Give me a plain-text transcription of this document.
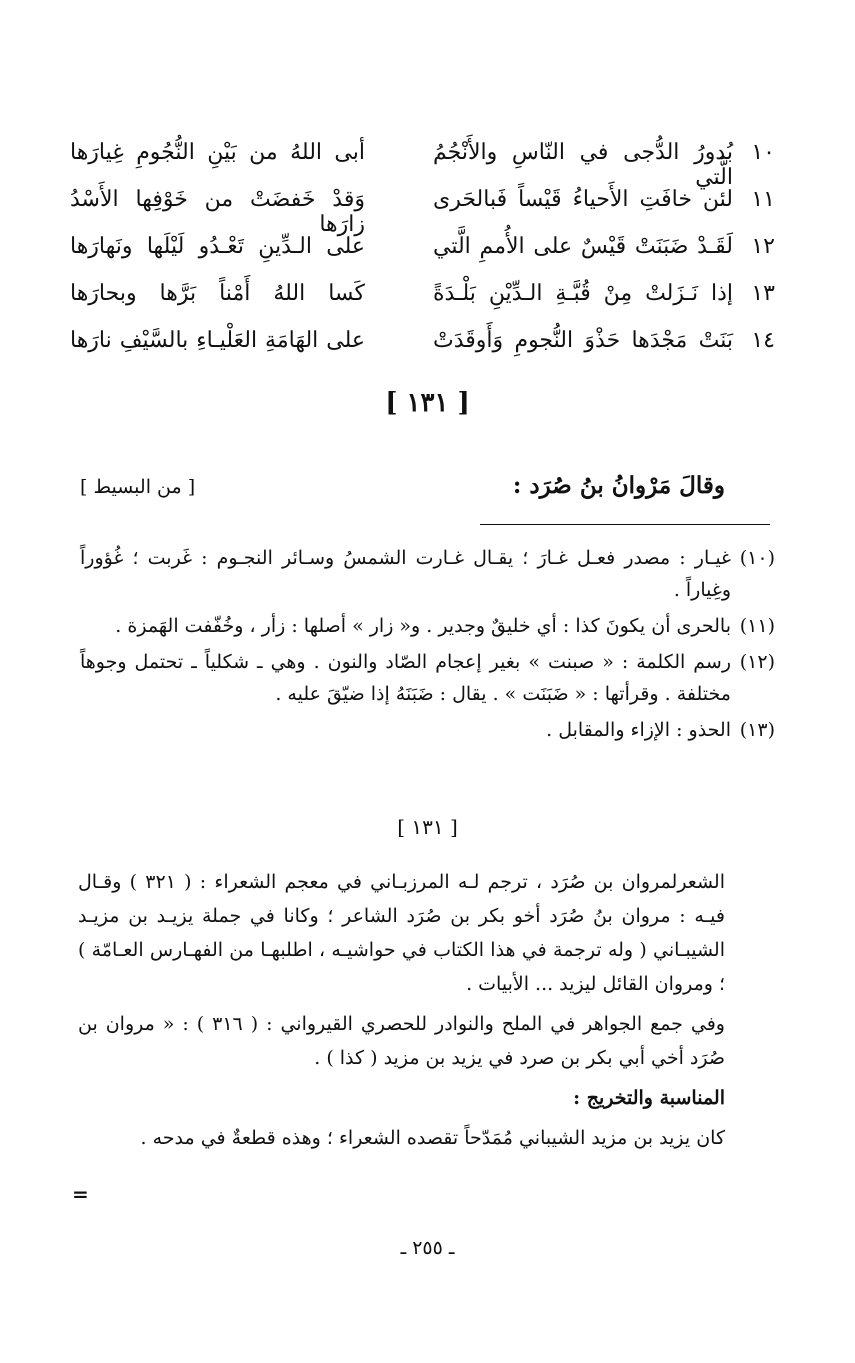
١٠
بُدورُ الدُّجى في النّاسِ والأَنْجُمُ الَّتي
أبى اللهُ من بَيْنِ النُّجُومِ غِيارَها
١١
لئن خافَتِ الأَحياءُ قَيْساً فَبالحَرى
وَقدْ خَفضَتْ من خَوْفِها الأَسْدُ زارَها
١٢
لَقَـدْ ضَبَنَتْ قَيْسٌ على الأُممِ الَّتي
على الـدِّينِ تَعْـدُو لَيْلَها ونَهارَها
١٣
إذا نَـزَلتْ مِنْ قُبَّـةِ الـدِّيْنِ بَلْـدَةً
كَسا اللهُ أَمْناً بَرَّها وبحارَها
١٤
بَنَتْ مَجْدَها حَذْوَ النُّجومِ وَأَوقَدَتْ
على الهَامَةِ العَلْيـاءِ بالسَّيْفِ نارَها
[ ١٣١ ]
وقالَ مَرْوانُ بنُ صُرَد :
[ من البسيط ]
(١٠)
غيـار : مصدر فعـل غـارَ ؛ يقـال غـارت الشمسُ وسـائر النجـوم : غَربت ؛ غُؤوراً وغِياراً .
(١١)
بالحرى أن يكونَ كذا : أي خليقٌ وجدير . و« زار » أصلها : زأر ، وخُفّفت الهَمزة .
(١٢)
رسم الكلمة : « صبنت » بغير إعجام الصّاد والنون . وهي ـ شكلياً ـ تحتمل وجوهاً مختلفة . وقرأتها : « ضَبَنَت » . يقال : ضَبَنَهُ إذا ضيّقَ عليه .
(١٣)
الحذو : الإزاء والمقابل .
[ ١٣١ ]

الشعرلمروان بن صُرَد ، ترجم لـه المرزبـاني في معجم الشعراء : ( ٣٢١ ) وقـال فيـه : مروان بنُ صُرَد أخو بكر بن صُرَد الشاعر ؛ وكانا في جملة يزيـد بن مزيـد الشيبـاني ( وله ترجمة في هذا الكتاب في حواشيـه ، اطلبهـا من الفهـارس العـامّة ) ؛ ومروان القائل ليزيد ... الأبيات .

وفي جمع الجواهر في الملح والنوادر للحصري القيرواني : ( ٣١٦ ) : « مروان بن صُرَد أخي أبي بكر بن صرد في يزيد بن مزيد ( كذا ) .

المناسبة والتخريج :

كان يزيد بن مزيد الشيباني مُمَدّحاً تقصده الشعراء ؛ وهذه قطعةٌ في مدحه .

=
ـ ٢٥٥ ـ
